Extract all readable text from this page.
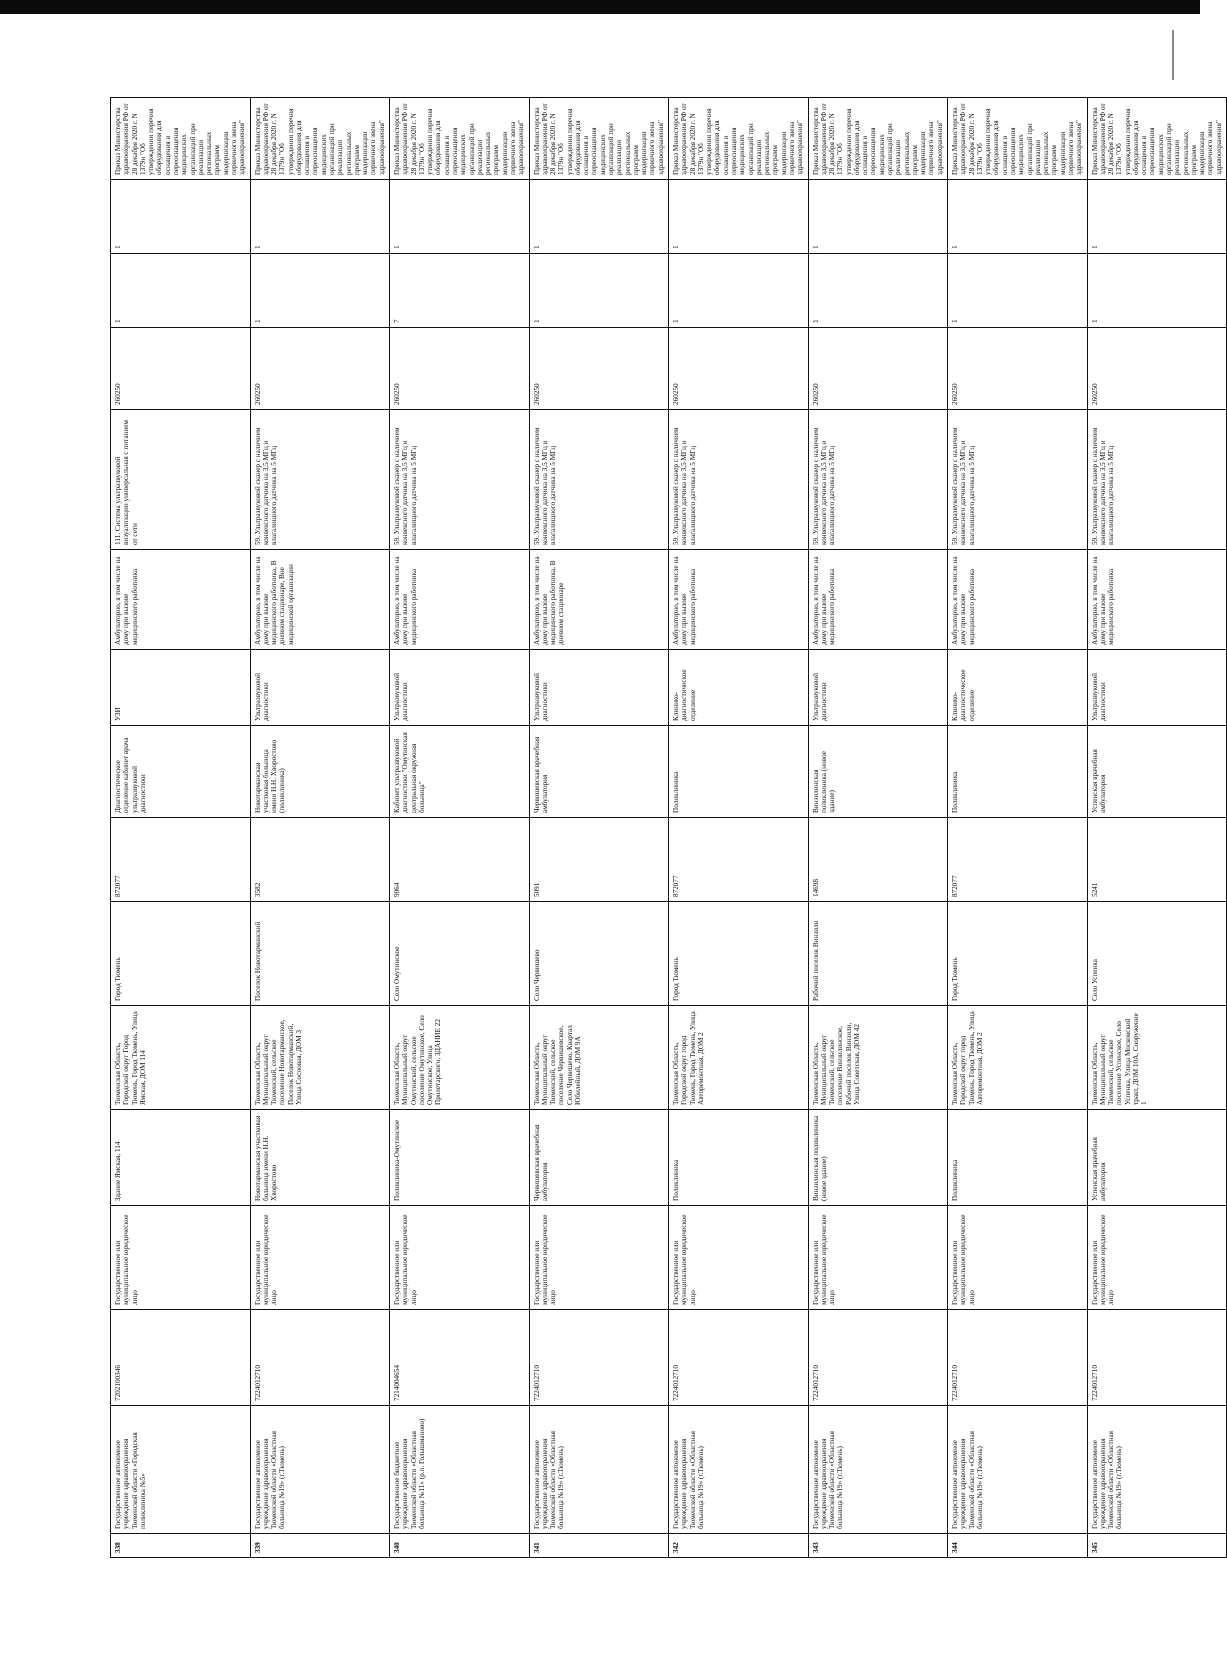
338	Государственное автономное учреждение здравоохранения Тюменской области «Городская поликлиника №5»	7202100346	Государственное или муниципальное юридическое лицо	Здание Ямская, 114	Тюменская Область, Городской округ Город Тюмень, Город Тюмень, Улица Ямская, ДОМ 114	Город Тюмень	872077	Диагностическое отделение кабинет врача ультразвуковой диагностики	УЗИ	Амбулаторно, в том числе на дому при вызове медицинского работника	111. Система ультразвуковой визуализации универсальная с питанием от сети	260250	1	1	Приказ Министерства здравоохранения РФ от 28 декабря 2020 г. N 1379н "Об утверждении перечня оборудования для оснащения и переоснащения медицинских организаций при реализации региональных программ модернизации первичного звена здравоохранения"
339	Государственное автономное учреждение здравоохранения Тюменской области «Областная больница №19» (г.Тюмень)	7224012710	Государственное или муниципальное юридическое лицо	Новотарманская участковая больница имени Н.Н. Хворостово	Тюменская Область, Муниципальный округ Тюменский, сельское поселение Новотарманское, Поселок Новотарманский, Улица Сосновая, ДОМ 3	Поселок Новотарманский	3582	Новотарманская участковая больница имени Н.Н. Хворостово (поликлиника)	Ультразвуковой диагностики	Амбулаторно, в том числе на дому при вызове медицинского работника, В дневном стационаре, Вне медицинской организации	59. Ультразвуковой сканер с наличием конвексного датчика на 3,5 МГц и влагалищного датчика на 5 МГц	260250	1	1	Приказ Министерства здравоохранения РФ от 28 декабря 2020 г. N 1379н "Об утверждении перечня оборудования для оснащения и переоснащения медицинских организаций при реализации региональных программ модернизации первичного звена здравоохранения"
340	Государственное бюджетное учреждение здравоохранения Тюменской области «Областная больница №11» (р.п. Голышманово)	7214004654	Государственное или муниципальное юридическое лицо	Поликлиника-Омутинское	Тюменская Область, Муниципальный округ Омутинский, сельское поселение Омутинское, Село Омутинское, Улица Пролетарского, ЗДАНИЕ 22	Село Омутинское	9064	Кабинет ультразвуковой диагностики "Омутинская центральная окружная больница"	Ультразвуковой диагностики	Амбулаторно, в том числе на дому при вызове медицинского работника	59. Ультразвуковой сканер с наличием конвексного датчика на 3,5 МГц и влагалищного датчика на 5 МГц	260250	7	1	Приказ Министерства здравоохранения РФ от 28 декабря 2020 г. N 1379н "Об утверждении перечня оборудования для оснащения и переоснащения медицинских организаций при реализации региональных программ модернизации первичного звена здравоохранения"
341	Государственное автономное учреждение здравоохранения Тюменской области «Областная больница №19» (г.Тюмень)	7224012710	Государственное или муниципальное юридическое лицо	Червишевская врачебная амбулатория	Тюменская Область, Муниципальный округ Тюменский, сельское поселение Червишевское, Село Червишево, Квартал Юбилейный, ДОМ 9А	Село Червишево	5091	Червишевская врачебная амбулатория	Ультразвуковой диагностики	Амбулаторно, в том числе на дому при вызове медицинского работника, В дневном стационаре	59. Ультразвуковой сканер с наличием конвексного датчика на 3,5 МГц и влагалищного датчика на 5 МГц	260250	1	1	Приказ Министерства здравоохранения РФ от 28 декабря 2020 г. N 1379н "Об утверждении перечня оборудования для оснащения и переоснащения медицинских организаций при реализации региональных программ модернизации первичного звена здравоохранения"
342	Государственное автономное учреждение здравоохранения Тюменской области «Областная больница №19» (г.Тюмень)	7224012710	Государственное или муниципальное юридическое лицо	Поликлиника	Тюменская Область, Городской округ город Тюмень, Город Тюмень, Улица Авторемонтная, ДОМ 2	Город Тюмень	872077	Поликлиника	Клинико-диагностическое отделение	Амбулаторно, в том числе на дому при вызове медицинского работника	59. Ультразвуковой сканер с наличием конвексного датчика на 3,5 МГц и влагалищного датчика на 5 МГц	260250	1	1	Приказ Министерства здравоохранения РФ от 28 декабря 2020 г. N 1379н "Об утверждении перечня оборудования для оснащения и переоснащения медицинских организаций при реализации региональных программ модернизации первичного звена здравоохранения"
343	Государственное автономное учреждение здравоохранения Тюменской области «Областная больница №19» (г.Тюмень)	7224012710	Государственное или муниципальное юридическое лицо	Винзилинская поликлиника (новое здание)	Тюменская Область, Муниципальный округ Тюменский, сельское поселение Винзилинское, Рабочий поселок Винзили, Улица Советская, ДОМ 42	Рабочий поселок Винзили	14698	Винзилинская поликлиника (новое здание)	Ультразвуковой диагностики	Амбулаторно, в том числе на дому при вызове медицинского работника	59. Ультразвуковой сканер с наличием конвексного датчика на 3,5 МГц и влагалищного датчика на 5 МГц	260250	1	1	Приказ Министерства здравоохранения РФ от 28 декабря 2020 г. N 1379н "Об утверждении перечня оборудования для оснащения и переоснащения медицинских организаций при реализации региональных программ модернизации первичного звена здравоохранения"
344	Государственное автономное учреждение здравоохранения Тюменской области «Областная больница №19» (г.Тюмень)	7224012710	Государственное или муниципальное юридическое лицо	Поликлиника	Тюменская Область, Городской округ город Тюмень, Город Тюмень, Улица Авторемонтная, ДОМ 2	Город Тюмень	872077	Поликлиника	Клинико-диагностическое отделение	Амбулаторно, в том числе на дому при вызове медицинского работника	59. Ультразвуковой сканер с наличием конвексного датчика на 3,5 МГц и влагалищного датчика на 5 МГц	260250	1	1	Приказ Министерства здравоохранения РФ от 28 декабря 2020 г. N 1379н "Об утверждении перечня оборудования для оснащения и переоснащения медицинских организаций при реализации региональных программ модернизации первичного звена здравоохранения"
345	Государственное автономное учреждение здравоохранения Тюменской области «Областная больница №19» (г.Тюмень)	7224012710	Государственное или муниципальное юридическое лицо	Успенская врачебная амбулатория	Тюменская Область, Муниципальный округ Тюменский, сельское поселение Успенское, Село Успенка, Улица Московский тракт, ДОМ 10А, Сооружение 1	Село Успенка	5241	Успенская врачебная амбулатория	Ультразвуковой диагностики	Амбулаторно, в том числе на дому при вызове медицинского работника	59. Ультразвуковой сканер с наличием конвексного датчика на 3,5 МГц и влагалищного датчика на 5 МГц	260250	1	1	Приказ Министерства здравоохранения РФ от 28 декабря 2020 г. N 1379н "Об утверждении перечня оборудования для оснащения и переоснащения медицинских организаций при реализации региональных программ модернизации первичного звена здравоохранения"
